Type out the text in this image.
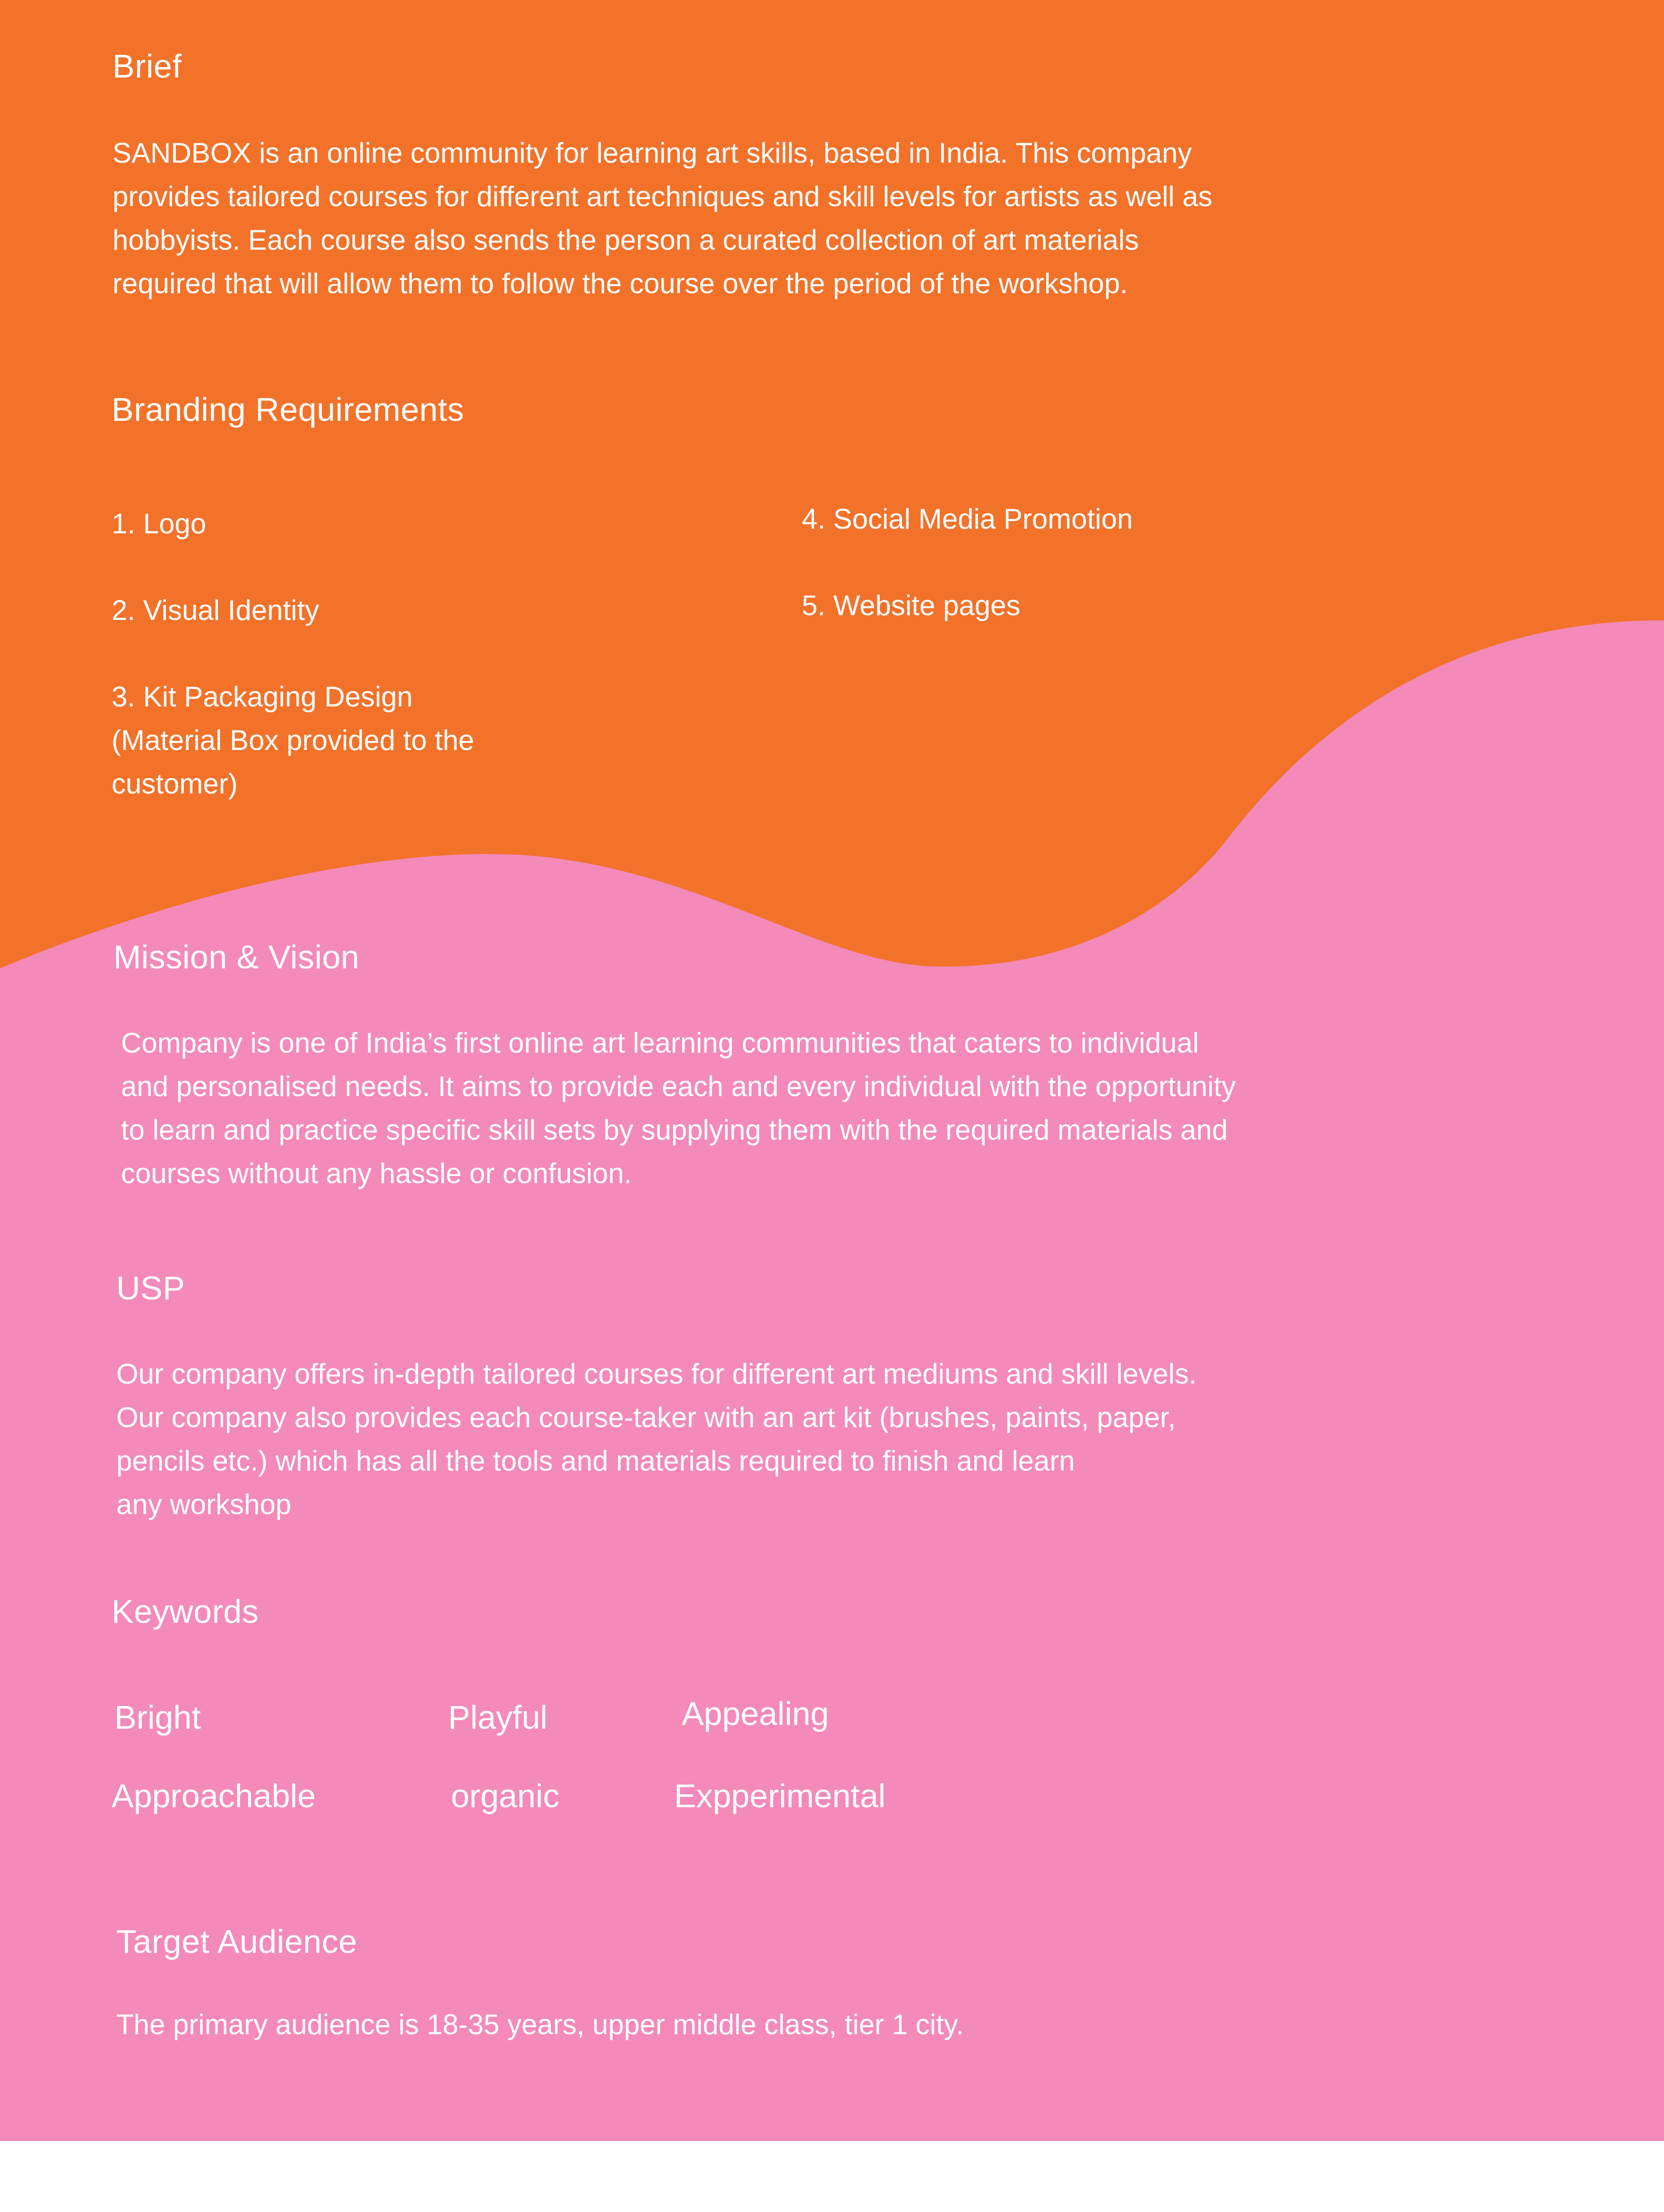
Brief
SANDBOX is an online community for learning art skills, based in India. This company
provides tailored courses for different art techniques and skill levels for artists as well as
hobbyists. Each course also sends the person a curated collection of art materials
required that will allow them to follow the course over the period of the workshop.
Branding Requirements
1. Logo
2. Visual Identity
3. Kit Packaging Design
(Material Box provided to the
customer)
4. Social Media Promotion
5. Website pages
Mission & Vision
Company is one of India’s first online art learning communities that caters to individual
and personalised needs. It aims to provide each and every individual with the opportunity
to learn and practice specific skill sets by supplying them with the required materials and
courses without any hassle or confusion.
USP
Our company offers in-depth tailored courses for different art mediums and skill levels.
Our company also provides each course-taker with an art kit (brushes, paints, paper,
pencils etc.) which has all the tools and materials required to finish and learn
any workshop
Keywords
Bright	Playful	Appealing
Approachable	organic	Expperimental
Target Audience
The primary audience is 18-35 years, upper middle class, tier 1 city.
